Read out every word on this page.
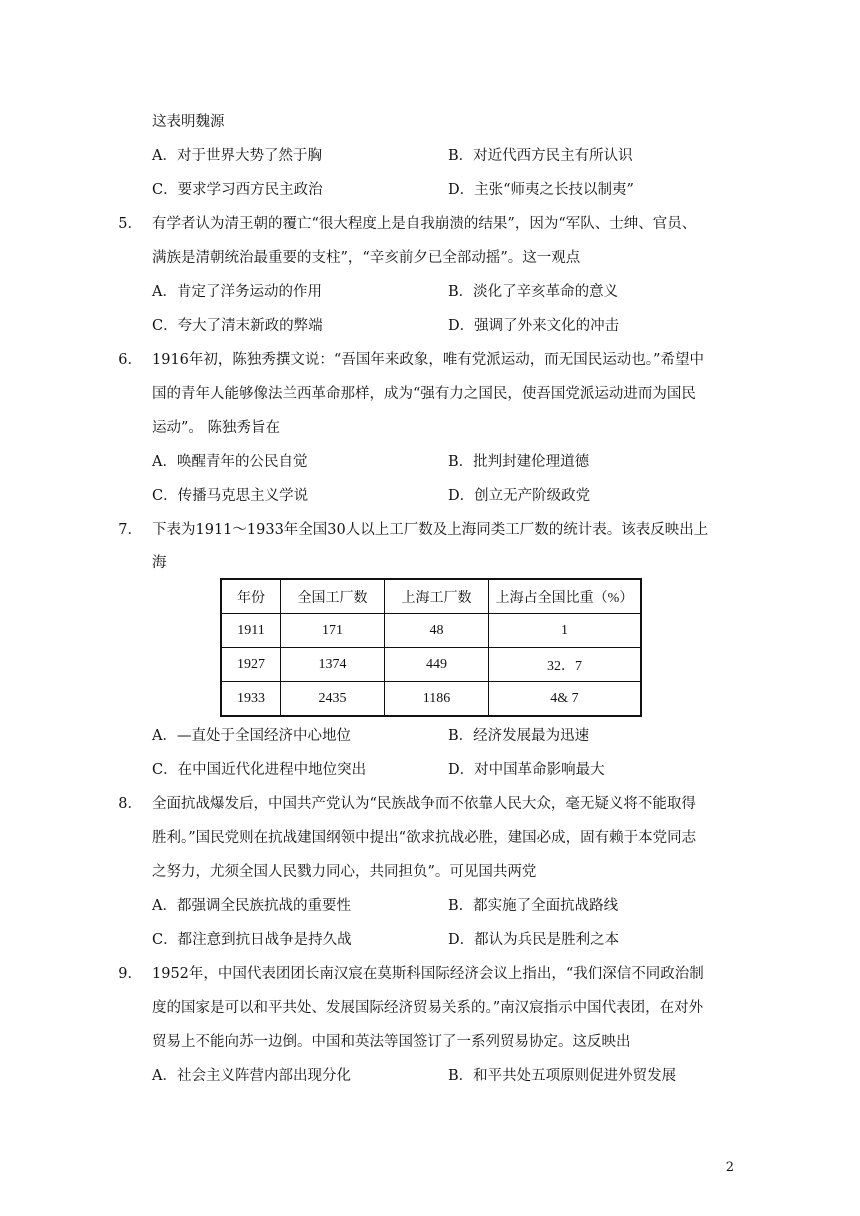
这表明魏源
A．对于世界大势了然于胸	B．对近代西方民主有所认识
C．要求学习西方民主政治	D．主张“师夷之长技以制夷”
5． 有学者认为清王朝的覆亡“很大程度上是自我崩溃的结果”，因为“军队、士绅、官员、
满族是清朝统治最重要的支柱”，“辛亥前夕已全部动摇”。这一观点
A．肯定了洋务运动的作用	B．淡化了辛亥革命的意义
C．夸大了清末新政的弊端	D．强调了外来文化的冲击
6． 1916年初，陈独秀撰文说：“吾国年来政象，唯有党派运动，而无国民运动也。”希望中
国的青年人能够像法兰西革命那样，成为“强有力之国民，使吾国党派运动进而为国民
运动”。 陈独秀旨在
A．唤醒青年的公民自觉	B．批判封建伦理道德
C．传播马克思主义学说	D．创立无产阶级政党
7． 下表为1911～1933年全国30人以上工厂数及上海同类工厂数的统计表。该表反映出上
海
年份	全国工厂数	上海工厂数	上海占全国比重（%）
1911	171	48	1
1927	1374	449	32．7
1933	2435	1186	4& 7
A．—直处于全国经济中心地位	B．经济发展最为迅速
C．在中国近代化进程中地位突出	D．对中国革命影响最大
8． 全面抗战爆发后，中国共产党认为“民族战争而不依靠人民大众，毫无疑义将不能取得
胜利。”国民党则在抗战建国纲领中提出“欲求抗战必胜，建国必成，固有赖于本党同志
之努力，尤须全国人民戮力同心，共同担负”。可见国共两党
A．都强调全民族抗战的重要性	B．都实施了全面抗战路线
C．都注意到抗日战争是持久战	D．都认为兵民是胜利之本
9． 1952年，中国代表团团长南汉宸在莫斯科国际经济会议上指出，“我们深信不同政治制
度的国家是可以和平共处、发展国际经济贸易关系的。”南汉宸指示中国代表团，在对外
贸易上不能向苏一边倒。中国和英法等国签订了一系列贸易协定。这反映出
A．社会主义阵营内部出现分化	B．和平共处五项原则促进外贸发展
2
